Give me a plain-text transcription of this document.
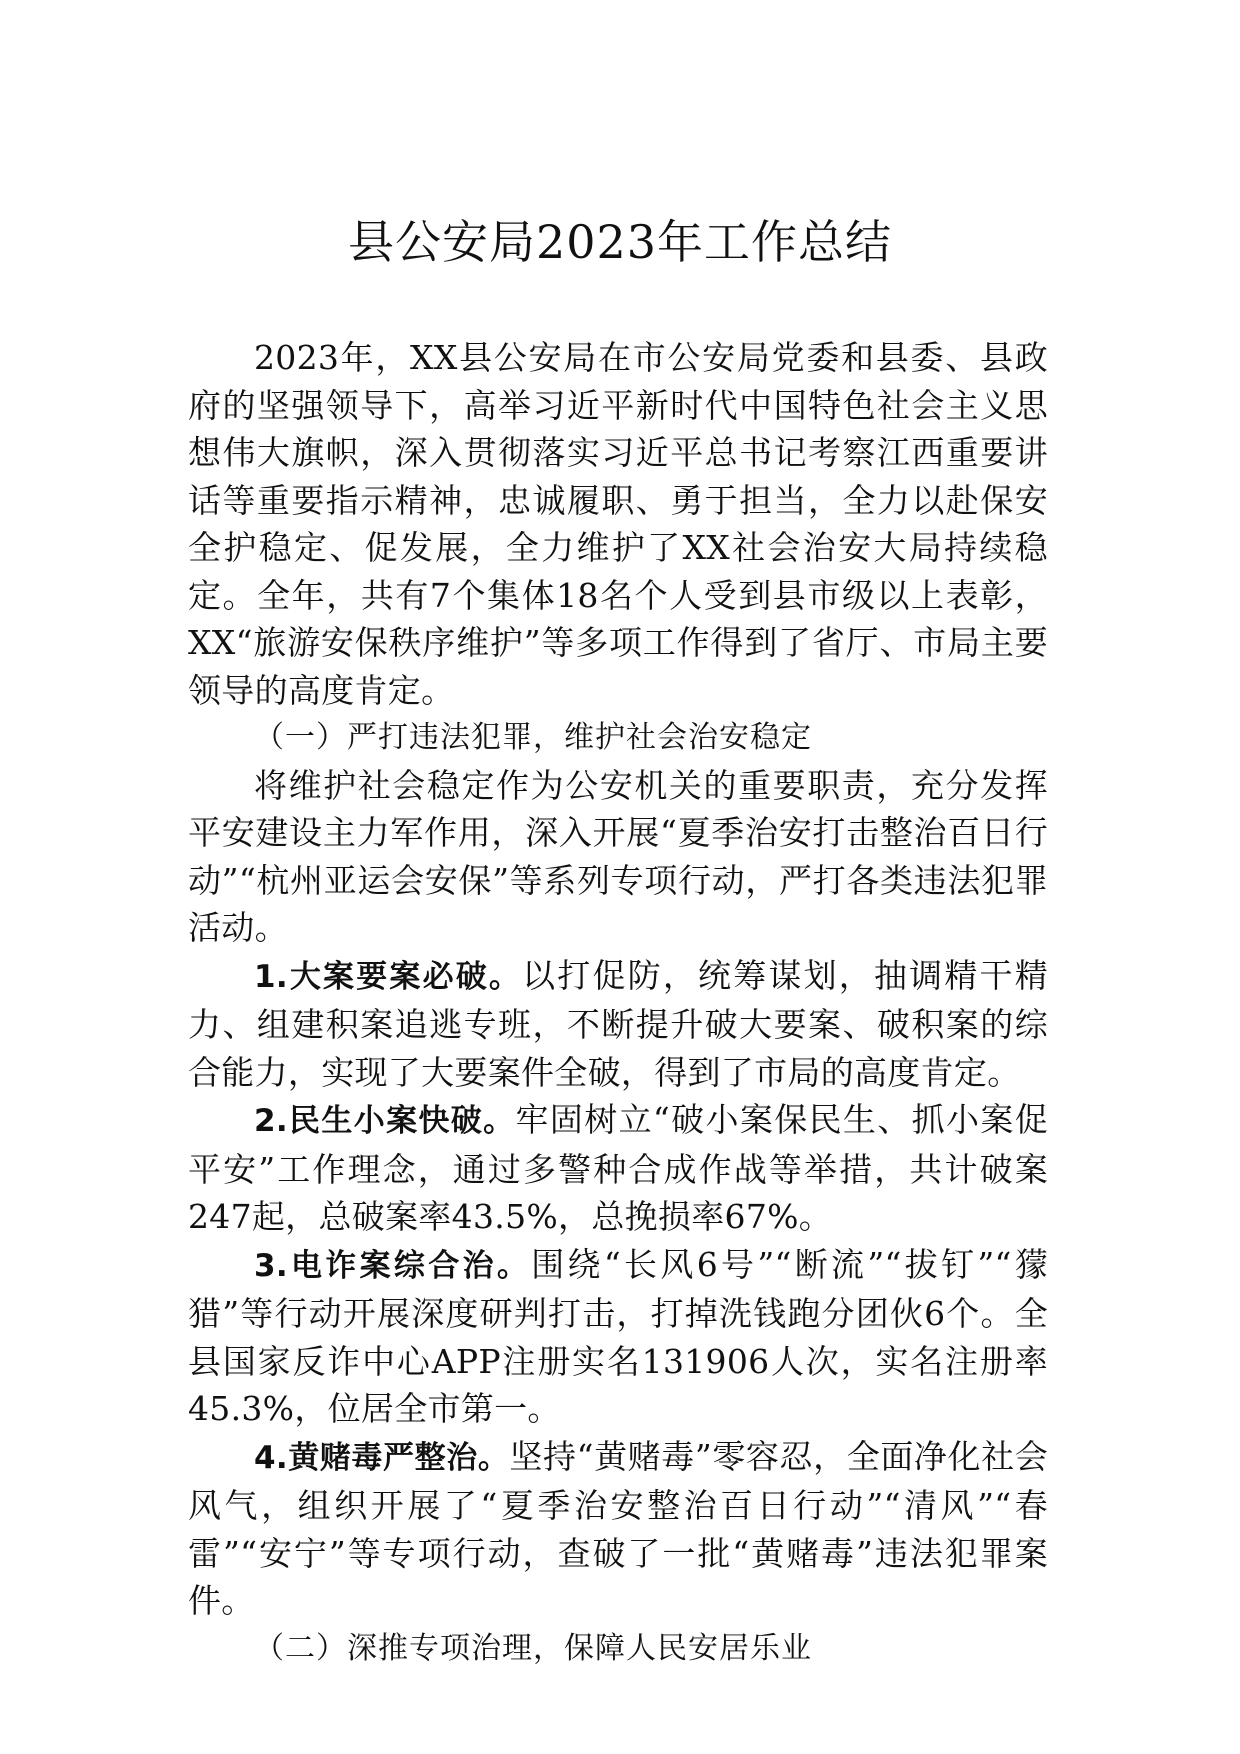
县公安局2023年工作总结

2023年，XX县公安局在市公安局党委和县委、县政府的坚强领导下，高举习近平新时代中国特色社会主义思想伟大旗帜，深入贯彻落实习近平总书记考察江西重要讲话等重要指示精神，忠诚履职、勇于担当，全力以赴保安全护稳定、促发展，全力维护了XX社会治安大局持续稳定。全年，共有7个集体18名个人受到县市级以上表彰，XX“旅游安保秩序维护”等多项工作得到了省厅、市局主要领导的高度肯定。

（一）严打违法犯罪，维护社会治安稳定

将维护社会稳定作为公安机关的重要职责，充分发挥平安建设主力军作用，深入开展“夏季治安打击整治百日行动”“杭州亚运会安保”等系列专项行动，严打各类违法犯罪活动。

1.大案要案必破。以打促防，统筹谋划，抽调精干精力、组建积案追逃专班，不断提升破大要案、破积案的综合能力，实现了大要案件全破，得到了市局的高度肯定。

2.民生小案快破。牢固树立“破小案保民生、抓小案促平安”工作理念，通过多警种合成作战等举措，共计破案247起，总破案率43.5%，总挽损率67%。

3.电诈案综合治。围绕“长风6号”“断流”“拔钉”“獴猎”等行动开展深度研判打击，打掉洗钱跑分团伙6个。全县国家反诈中心APP注册实名131906人次，实名注册率45.3%，位居全市第一。

4.黄赌毒严整治。坚持“黄赌毒”零容忍，全面净化社会风气，组织开展了“夏季治安整治百日行动”“清风”“春雷”“安宁”等专项行动，查破了一批“黄赌毒”违法犯罪案件。

（二）深推专项治理，保障人民安居乐业
